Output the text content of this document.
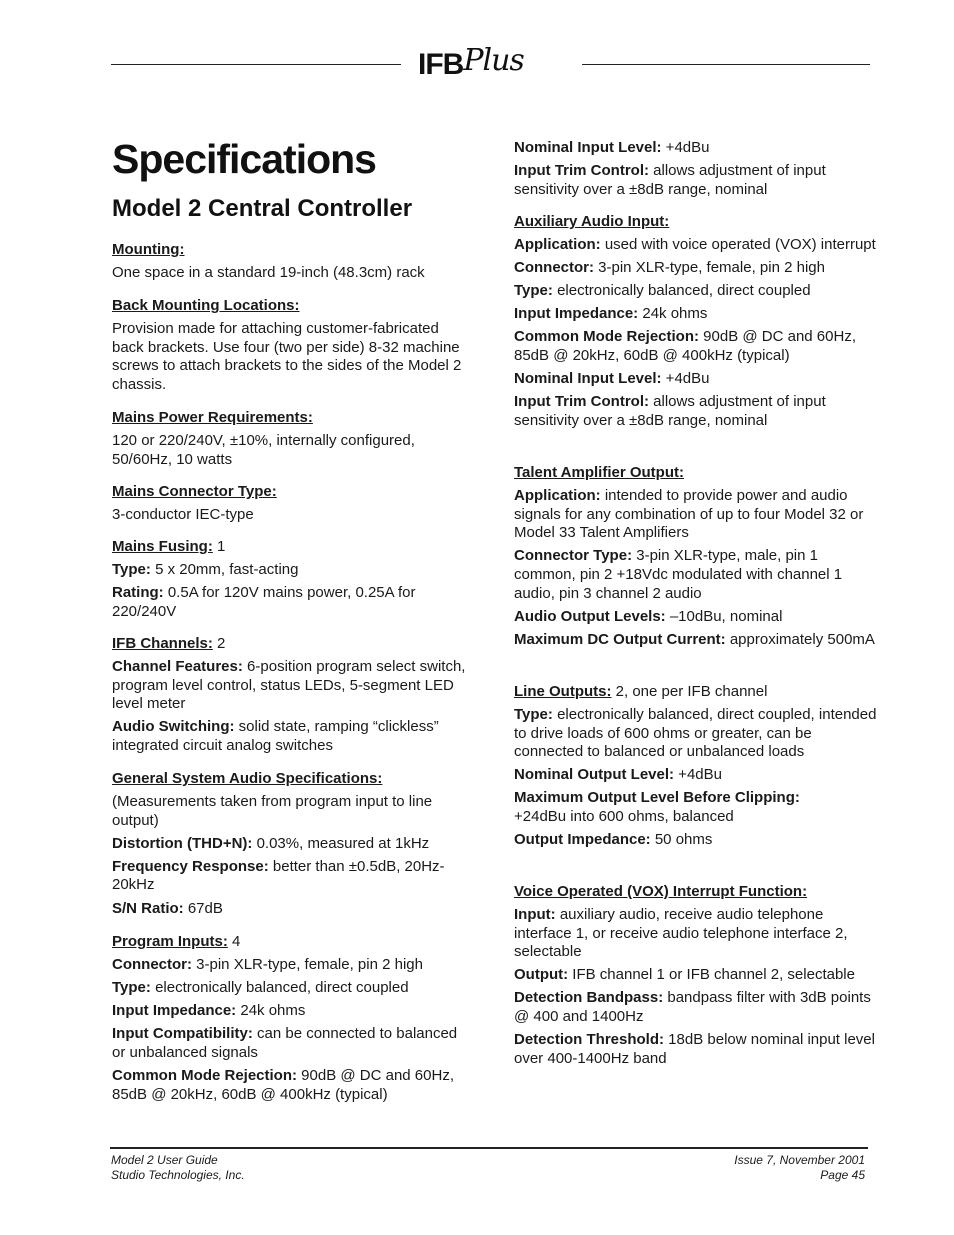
IFB Plus
Specifications
Model 2 Central Controller
Mounting:
One space in a standard 19-inch (48.3cm) rack
Back Mounting Locations:
Provision made for attaching customer-fabricated back brackets. Use four (two per side) 8-32 machine screws to attach brackets to the sides of the Model 2 chassis.
Mains Power Requirements:
120 or 220/240V, ±10%, internally configured, 50/60Hz, 10 watts
Mains Connector Type:
3-conductor IEC-type
Mains Fusing: 1
Type: 5 x 20mm, fast-acting
Rating: 0.5A for 120V mains power, 0.25A for 220/240V
IFB Channels: 2
Channel Features: 6-position program select switch, program level control, status LEDs, 5-segment LED level meter
Audio Switching: solid state, ramping “clickless” integrated circuit analog switches
General System Audio Specifications:
(Measurements taken from program input to line output)
Distortion (THD+N): 0.03%, measured at 1kHz
Frequency Response: better than ±0.5dB, 20Hz-20kHz
S/N Ratio: 67dB
Program Inputs: 4
Connector: 3-pin XLR-type, female, pin 2 high
Type: electronically balanced, direct coupled
Input Impedance: 24k ohms
Input Compatibility: can be connected to balanced or unbalanced signals
Common Mode Rejection: 90dB @ DC and 60Hz, 85dB @ 20kHz, 60dB @ 400kHz (typical)
Nominal Input Level: +4dBu
Input Trim Control: allows adjustment of input sensitivity over a ±8dB range, nominal
Auxiliary Audio Input:
Application: used with voice operated (VOX) interrupt
Connector: 3-pin XLR-type, female, pin 2 high
Type: electronically balanced, direct coupled
Input Impedance: 24k ohms
Common Mode Rejection: 90dB @ DC and 60Hz, 85dB @ 20kHz, 60dB @ 400kHz (typical)
Nominal Input Level: +4dBu
Input Trim Control: allows adjustment of input sensitivity over a ±8dB range, nominal
Talent Amplifier Output:
Application: intended to provide power and audio signals for any combination of up to four Model 32 or Model 33 Talent Amplifiers
Connector Type: 3-pin XLR-type, male, pin 1 common, pin 2 +18Vdc modulated with channel 1 audio, pin 3 channel 2 audio
Audio Output Levels: –10dBu, nominal
Maximum DC Output Current: approximately 500mA
Line Outputs: 2, one per IFB channel
Type: electronically balanced, direct coupled, intended to drive loads of 600 ohms or greater, can be connected to balanced or unbalanced loads
Nominal Output Level: +4dBu
Maximum Output Level Before Clipping:
+24dBu into 600 ohms, balanced
Output Impedance: 50 ohms
Voice Operated (VOX) Interrupt Function:
Input: auxiliary audio, receive audio telephone interface 1, or receive audio telephone interface 2, selectable
Output: IFB channel 1 or IFB channel 2, selectable
Detection Bandpass: bandpass filter with 3dB points @ 400 and 1400Hz
Detection Threshold: 18dB below nominal input level over 400-1400Hz band
Model 2 User Guide
Studio Technologies, Inc.
Issue 7, November 2001
Page 45
